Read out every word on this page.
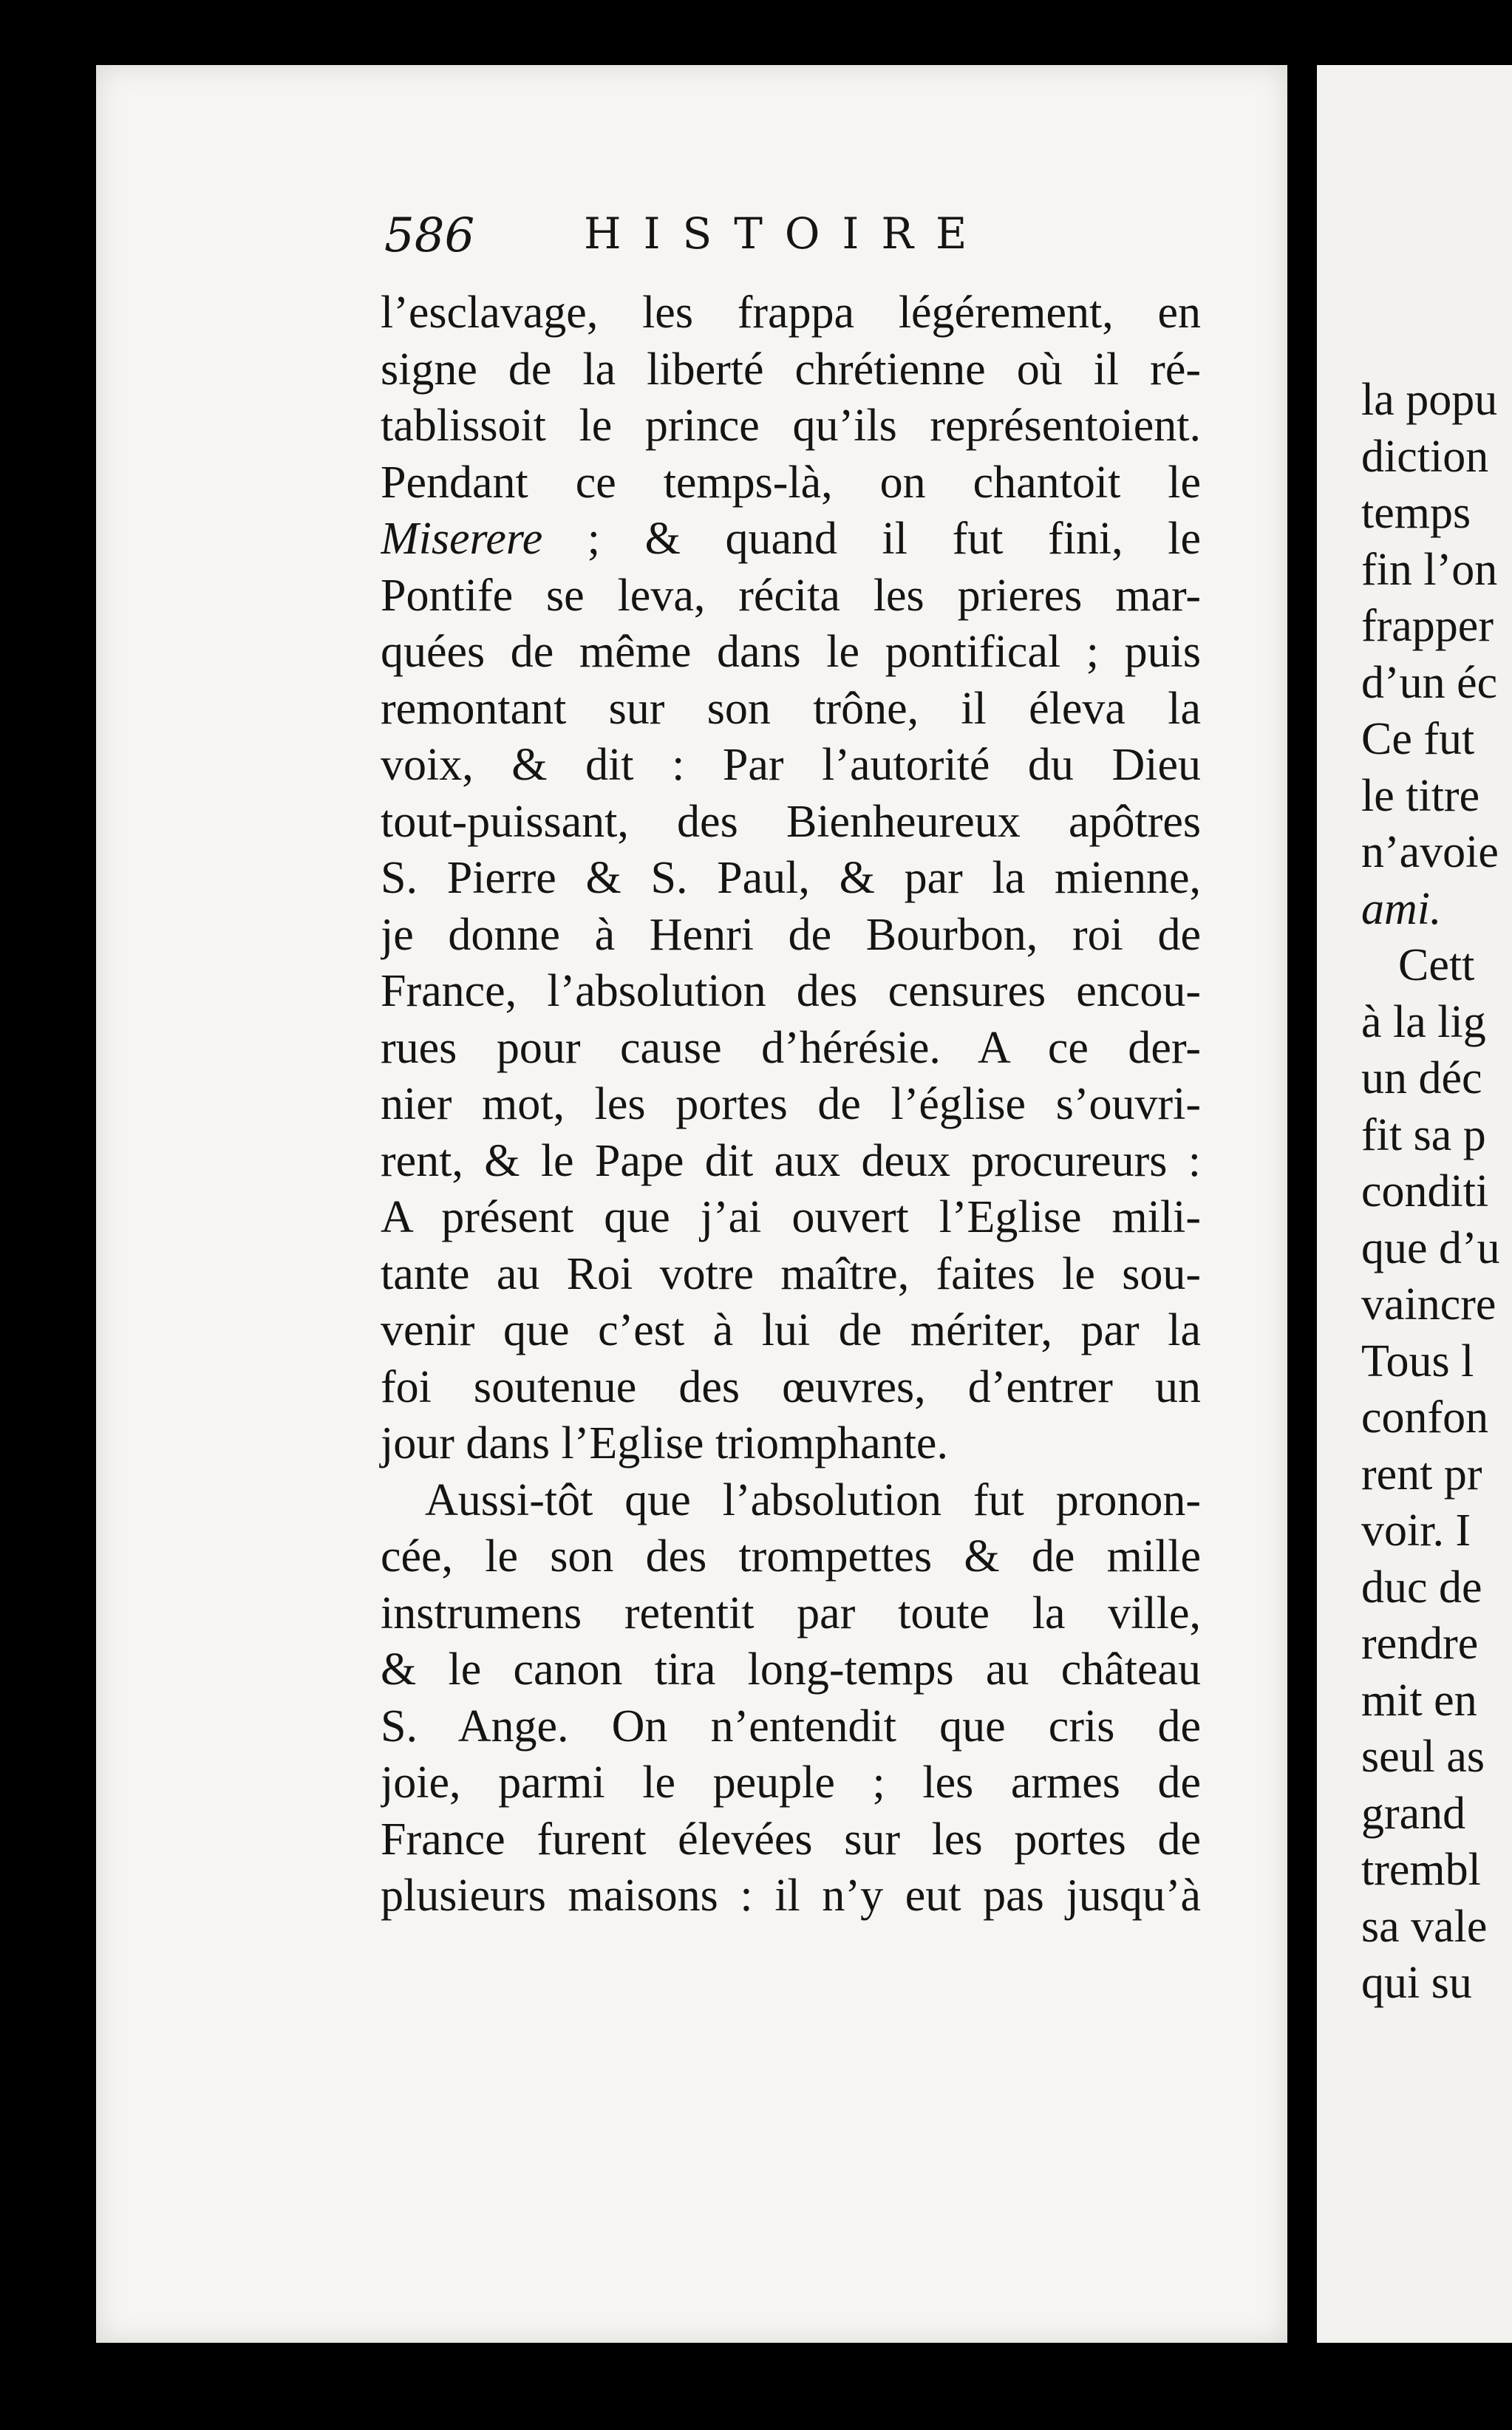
la popu
diction
temps
fin l’on
frapper
d’un éc
Ce fut
le titre
n’avoie
ami.
Cett
à la lig
un déc
fit sa p
conditi
que d’u
vaincre
Tous l
confon
rent pr
voir. I
duc de
rendre
mit en
seul as
grand
trembl
sa vale
qui su
586	HISTOIRE
l’esclavage, les frappa légérement, en
signe de la liberté chrétienne où il ré-
tablissoit le prince qu’ils représentoient.
Pendant ce temps-là, on chantoit le
Miserere ; & quand il fut fini, le
Pontife se leva, récita les prieres mar-
quées de même dans le pontifical ; puis
remontant sur son trône, il éleva la
voix, & dit : Par l’autorité du Dieu
tout-puissant, des Bienheureux apôtres
S. Pierre & S. Paul, & par la mienne,
je donne à Henri de Bourbon, roi de
France, l’absolution des censures encou-
rues pour cause d’hérésie. A ce der-
nier mot, les portes de l’église s’ouvri-
rent, & le Pape dit aux deux procureurs :
A présent que j’ai ouvert l’Eglise mili-
tante au Roi votre maître, faites le sou-
venir que c’est à lui de mériter, par la
foi soutenue des œuvres, d’entrer un
jour dans l’Eglise triomphante.
Aussi-tôt que l’absolution fut pronon-
cée, le son des trompettes & de mille
instrumens retentit par toute la ville,
& le canon tira long-temps au château
S. Ange. On n’entendit que cris de
joie, parmi le peuple ; les armes de
France furent élevées sur les portes de
plusieurs maisons : il n’y eut pas jusqu’à
